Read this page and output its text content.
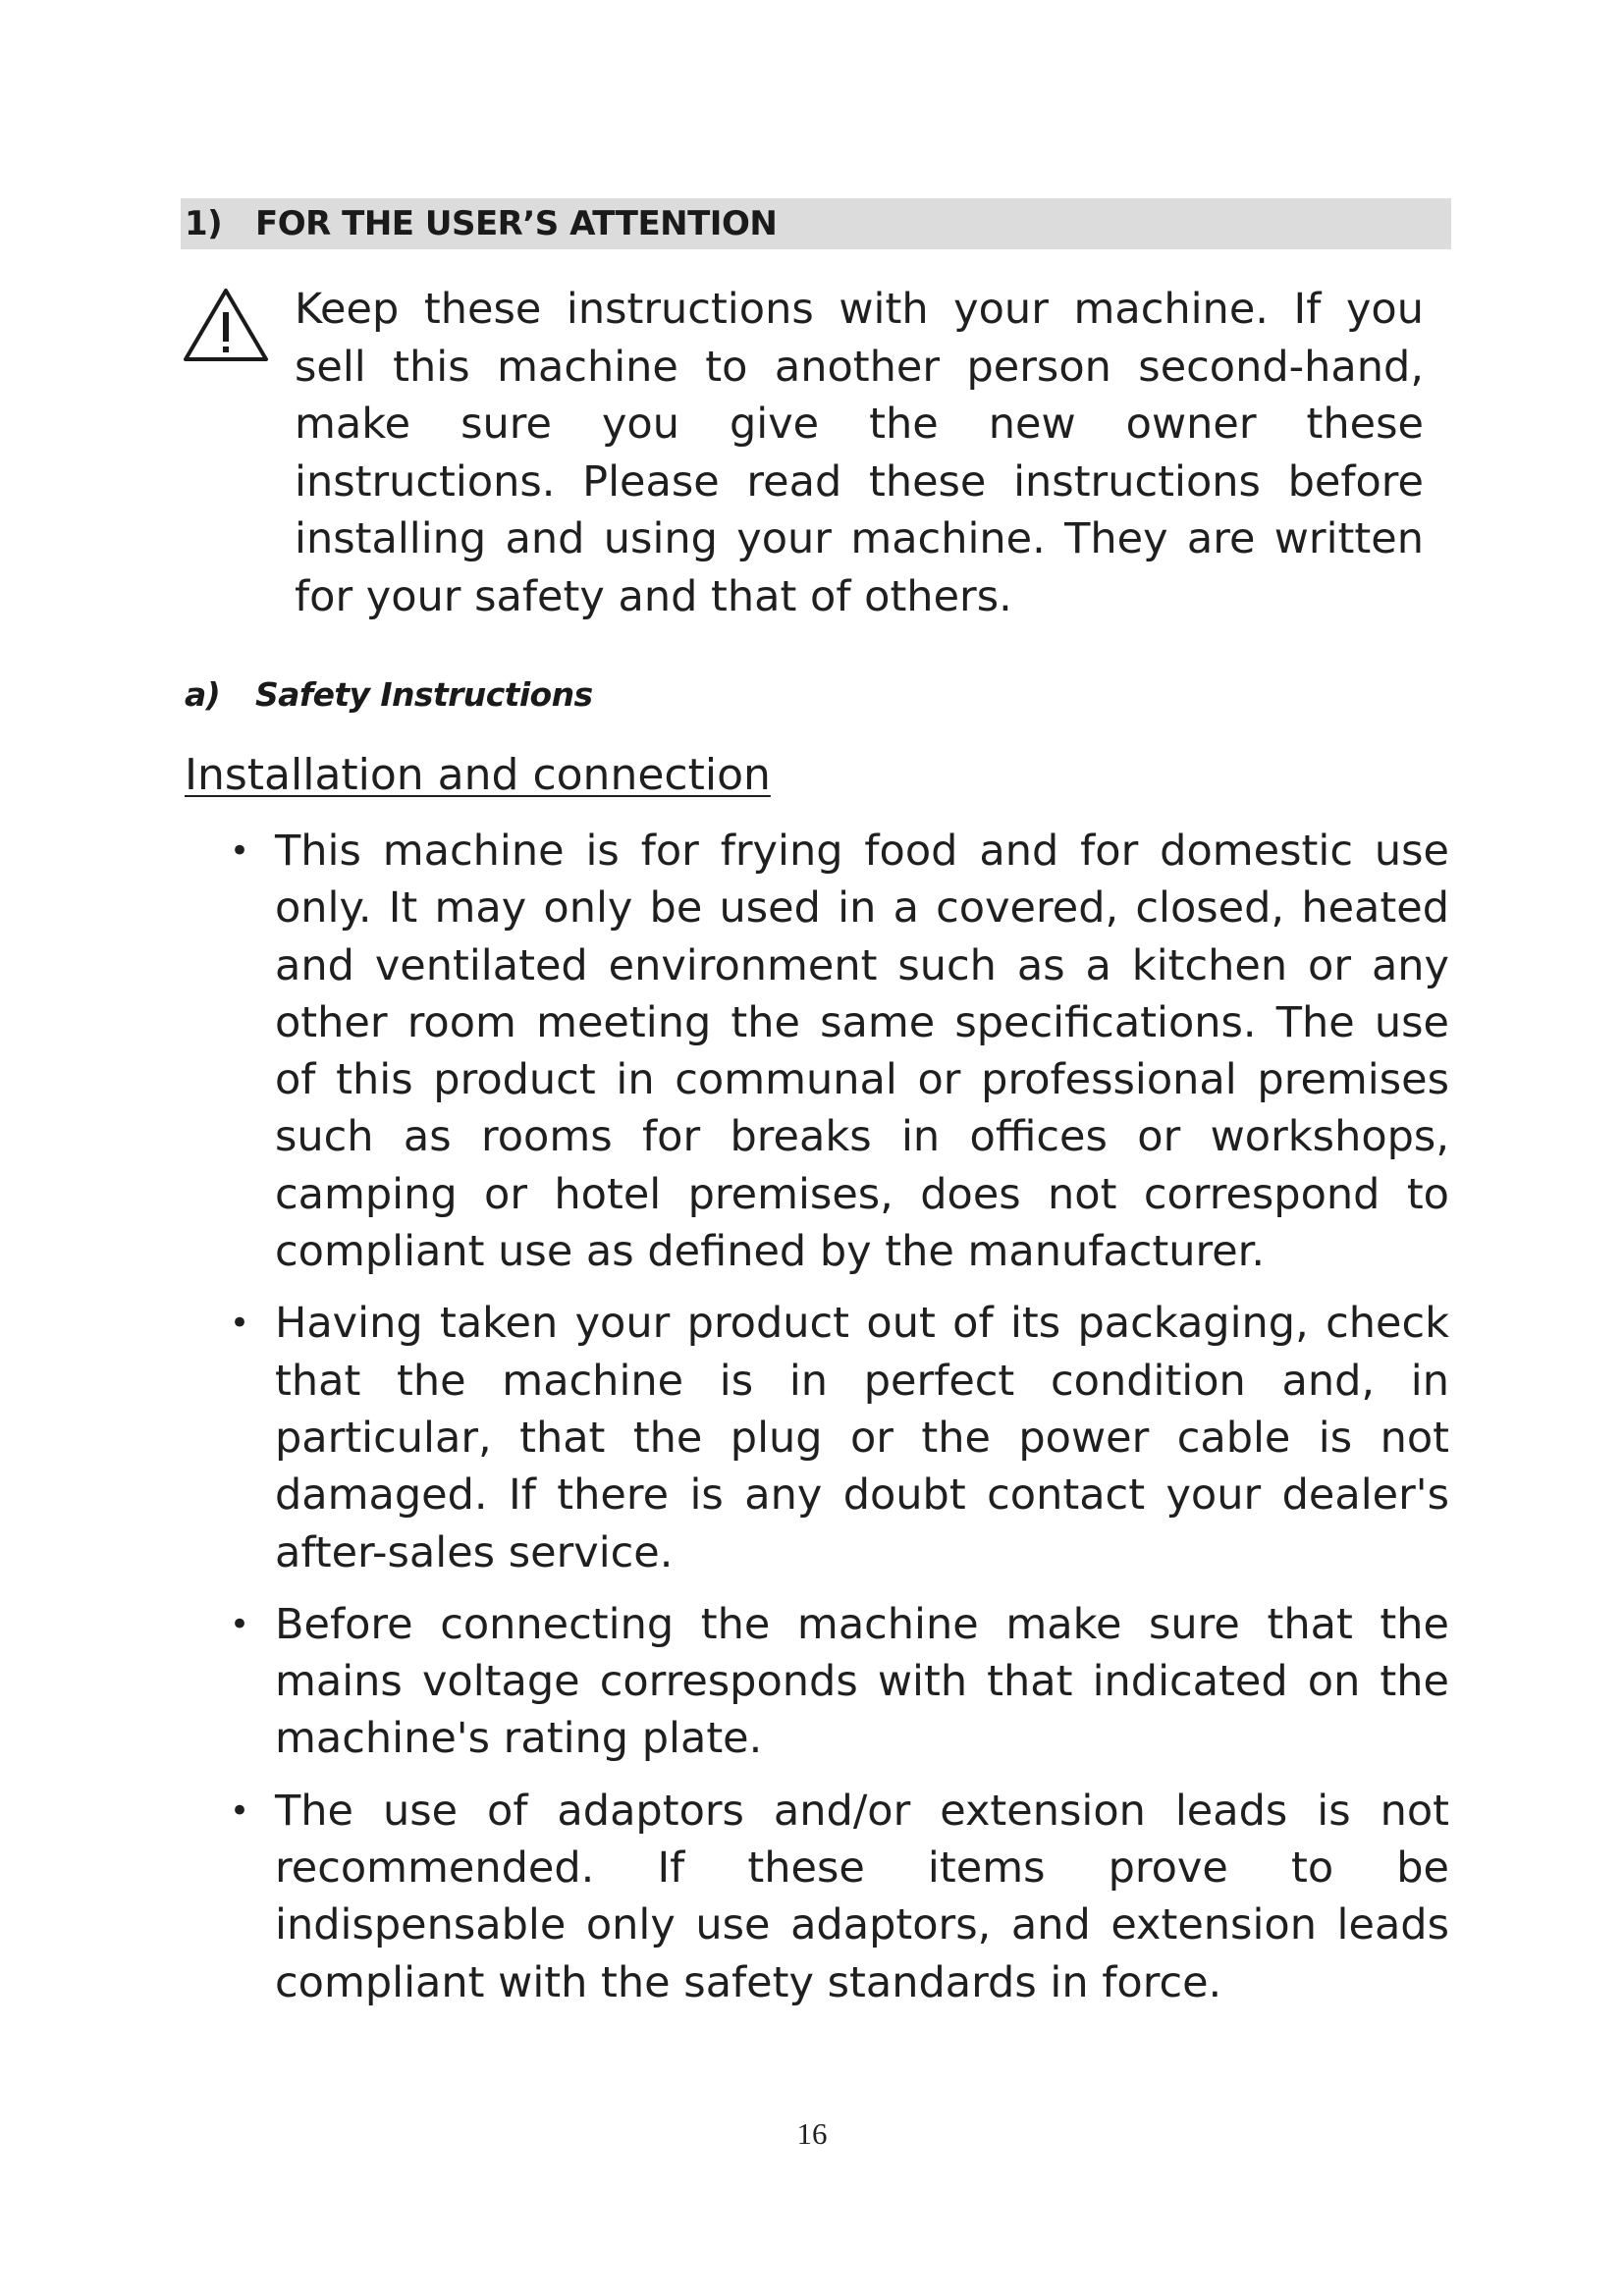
1) FOR THE USER’S ATTENTION
Keep these instructions with your machine. If you sell this machine to another person second-hand, make sure you give the new owner these instructions. Please read these instructions before installing and using your machine. They are written for your safety and that of others.
a)	Safety Instructions
Installation and connection
• This machine is for frying food and for domestic use only. It may only be used in a covered, closed, heated and ventilated environment such as a kitchen or any other room meeting the same specifications. The use of this product in communal or professional premises such as rooms for breaks in offices or workshops, camping or hotel premises, does not correspond to compliant use as defined by the manufacturer.
• Having taken your product out of its packaging, check that the machine is in perfect condition and, in particular, that the plug or the power cable is not damaged. If there is any doubt contact your dealer's after-sales service.
• Before connecting the machine make sure that the mains voltage corresponds with that indicated on the machine's rating plate.
• The use of adaptors and/or extension leads is not recommended. If these items prove to be indispensable only use adaptors, and extension leads compliant with the safety standards in force.
16
